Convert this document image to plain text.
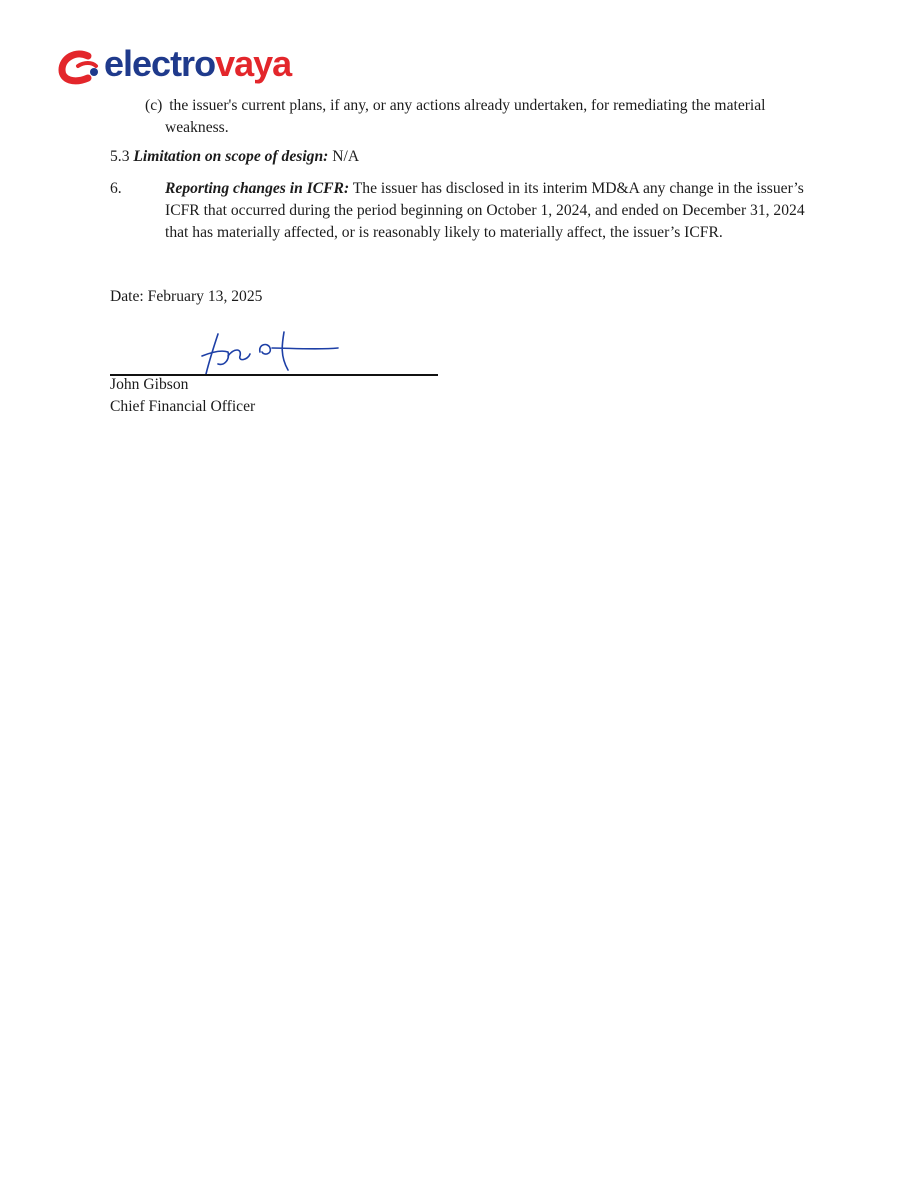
electrovaya
(c) the issuer's current plans, if any, or any actions already undertaken, for remediating the material
weakness.
5.3 Limitation on scope of design: N/A
6.	Reporting changes in ICFR: The issuer has disclosed in its interim MD&A any change in the issuer’s ICFR that occurred during the period beginning on October 1, 2024, and ended on December 31, 2024 that has materially affected, or is reasonably likely to materially affect, the issuer’s ICFR.
Date: February 13, 2025
John Gibson
Chief Financial Officer
